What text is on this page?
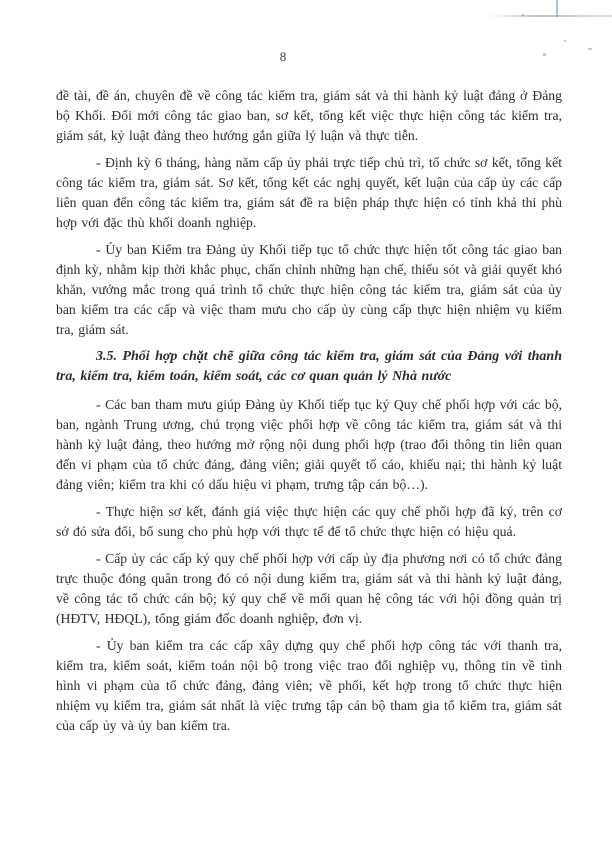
8

đề tài, đề án, chuyên đề về công tác kiểm tra, giám sát và thi hành kỷ luật đảng ở Đảng bộ Khối. Đổi mới công tác giao ban, sơ kết, tổng kết việc thực hiện công tác kiểm tra, giám sát, kỷ luật đảng theo hướng gắn giữa lý luận và thực tiễn.

- Định kỳ 6 tháng, hàng năm cấp ủy phải trực tiếp chủ trì, tổ chức sơ kết, tổng kết công tác kiểm tra, giám sát. Sơ kết, tổng kết các nghị quyết, kết luận của cấp ủy các cấp liên quan đến công tác kiểm tra, giám sát đề ra biện pháp thực hiện có tính khả thi phù hợp với đặc thù khối doanh nghiệp.

- Ủy ban Kiểm tra Đảng ủy Khối tiếp tục tổ chức thực hiện tốt công tác giao ban định kỳ, nhằm kịp thời khắc phục, chấn chỉnh những hạn chế, thiếu sót và giải quyết khó khăn, vướng mắc trong quá trình tổ chức thực hiện công tác kiểm tra, giám sát của ủy ban kiểm tra các cấp và việc tham mưu cho cấp ủy cùng cấp thực hiện nhiệm vụ kiểm tra, giám sát.

3.5. Phối hợp chặt chẽ giữa công tác kiểm tra, giám sát của Đảng với thanh tra, kiểm tra, kiểm toán, kiểm soát, các cơ quan quản lý Nhà nước

- Các ban tham mưu giúp Đảng ủy Khối tiếp tục ký Quy chế phối hợp với các bộ, ban, ngành Trung ương, chú trọng việc phối hợp về công tác kiểm tra, giám sát và thi hành kỷ luật đảng, theo hướng mở rộng nội dung phối hợp (trao đổi thông tin liên quan đến vi phạm của tổ chức đảng, đảng viên; giải quyết tố cáo, khiếu nại; thi hành kỷ luật đảng viên; kiểm tra khi có dấu hiệu vi phạm, trưng tập cán bộ…).

- Thực hiện sơ kết, đánh giá việc thực hiện các quy chế phối hợp đã ký, trên cơ sở đó sửa đổi, bổ sung cho phù hợp với thực tế để tổ chức thực hiện có hiệu quả.

- Cấp ủy các cấp ký quy chế phối hợp với cấp ủy địa phương nơi có tổ chức đảng trực thuộc đóng quân trong đó có nội dung kiểm tra, giám sát và thi hành kỷ luật đảng, về công tác tổ chức cán bộ; ký quy chế về mối quan hệ công tác với hội đồng quản trị (HĐTV, HĐQL), tổng giám đốc doanh nghiệp, đơn vị.

- Ủy ban kiểm tra các cấp xây dựng quy chế phối hợp công tác với thanh tra, kiểm tra, kiểm soát, kiểm toán nội bộ trong việc trao đổi nghiệp vụ, thông tin về tình hình vi phạm của tổ chức đảng, đảng viên; về phối, kết hợp trong tổ chức thực hiện nhiệm vụ kiểm tra, giám sát nhất là việc trưng tập cán bộ tham gia tổ kiểm tra, giám sát của cấp ủy và ủy ban kiểm tra.
